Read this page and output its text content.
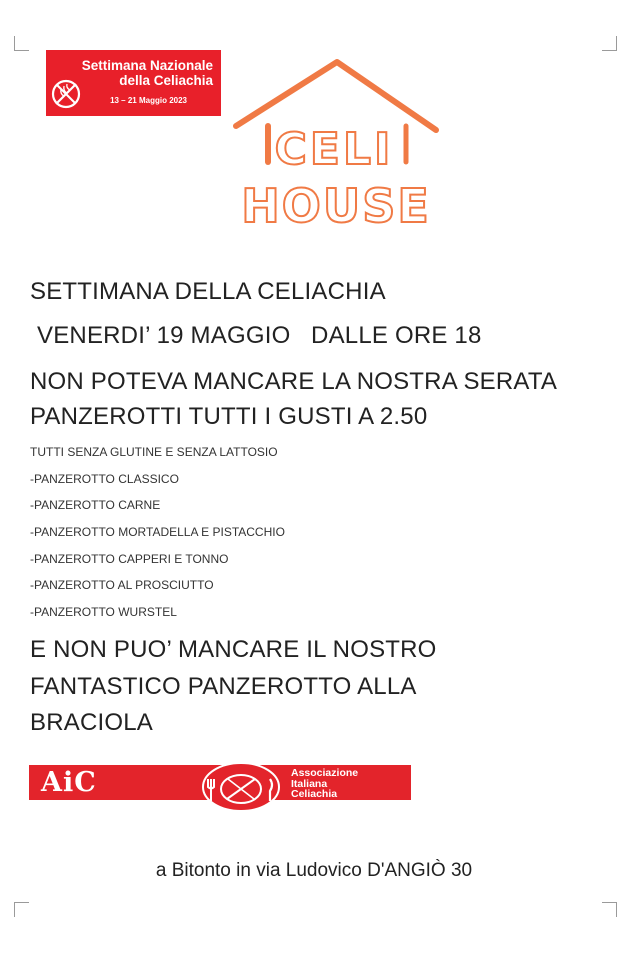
Settimana Nazionale
della Celiachia
13 – 21 Maggio 2023
CELI
HOUSE
SETTIMANA DELLA CELIACHIA
VENERDI’ 19 MAGGIO   DALLE ORE 18
NON POTEVA MANCARE LA NOSTRA SERATA
PANZEROTTI TUTTI I GUSTI A 2.50
TUTTI SENZA GLUTINE E SENZA LATTOSIO
-PANZEROTTO CLASSICO
-PANZEROTTO CARNE
-PANZEROTTO MORTADELLA E PISTACCHIO
-PANZEROTTO CAPPERI E TONNO
-PANZEROTTO AL PROSCIUTTO
-PANZEROTTO WURSTEL
E NON PUO’ MANCARE IL NOSTRO
FANTASTICO PANZEROTTO ALLA
BRACIOLA
AiC
Alimentazione Fuori Casa
Associazione
Italiana
Celiachia
a Bitonto in via Ludovico D'ANGIÒ 30
